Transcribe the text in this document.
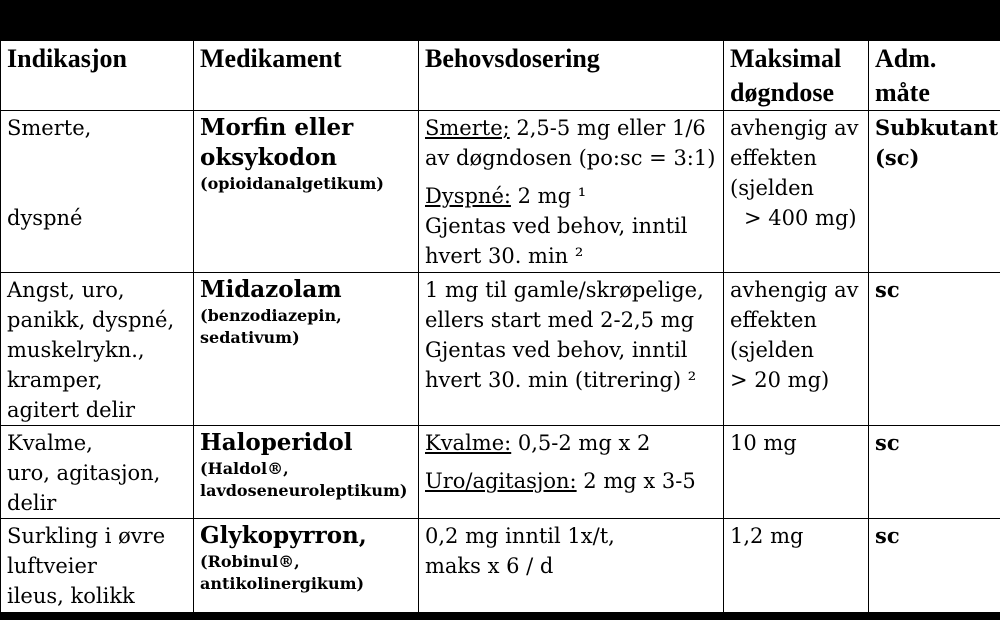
Indikasjon	Medikament	Behovsdosering	Maksimal
døgndose	Adm.
måte

Smerte,
dyspné	Morfin eller
oksykodon
(opioidanalgetikum)	Smerte; 2,5-5 mg eller 1/6
av døgndosen (po:sc = 3:1)
Dyspné: 2 mg ¹
Gjentas ved behov, inntil
hvert 30. min ²	avhengig av
effekten
(sjelden
> 400 mg)	Subkutant
(sc)

Angst, uro,
panikk, dyspné,
muskelrykn.,
kramper,
agitert delir	Midazolam
(benzodiazepin,
sedativum)	1 mg til gamle/skrøpelige,
ellers start med 2-2,5 mg
Gjentas ved behov, inntil
hvert 30. min (titrering) ²	avhengig av
effekten
(sjelden
> 20 mg)	sc

Kvalme,
uro, agitasjon,
delir	Haloperidol
(Haldol®,
lavdoseneuroleptikum)	Kvalme: 0,5-2 mg x 2
Uro/agitasjon: 2 mg x 3-5	10 mg	sc

Surkling i øvre
luftveier
ileus, kolikk	Glykopyrron,
(Robinul®,
antikolinergikum)	0,2 mg inntil 1x/t,
maks x 6 / d	1,2 mg	sc
